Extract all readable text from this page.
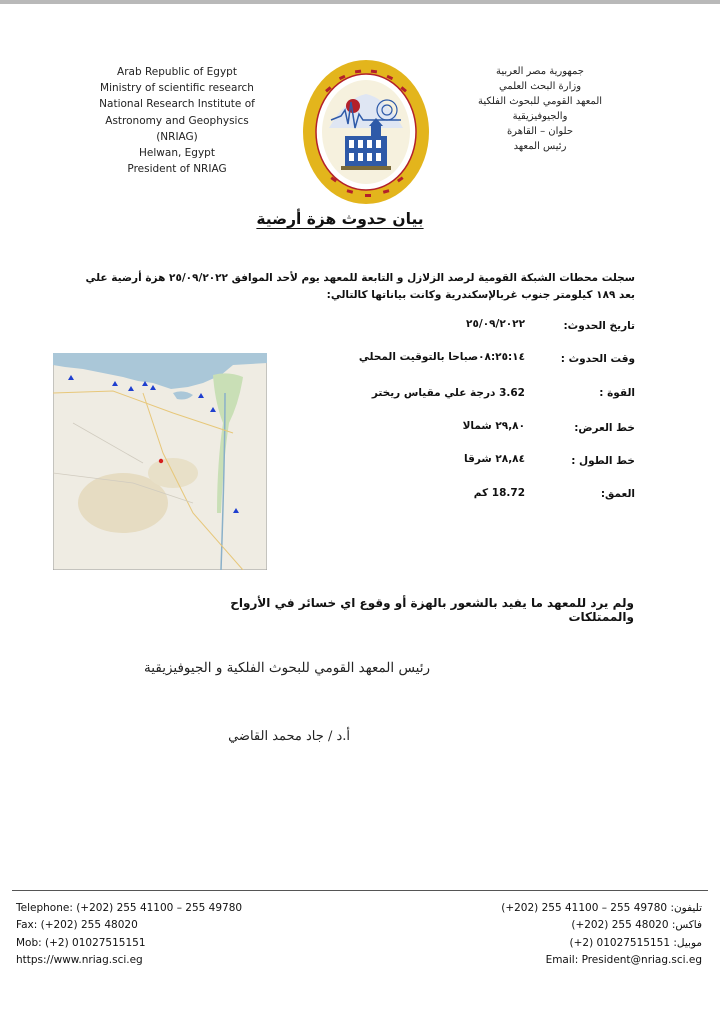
Arab Republic of Egypt
Ministry of scientific research
National Research Institute of
Astronomy and Geophysics
(NRIAG)
Helwan, Egypt
President of NRIAG
جمهورية مصر العربية
وزارة البحث العلمي
المعهد القومي للبحوث الفلكية
والجيوفيزيقية
حلوان – القاهرة
رئيس المعهد
بيان حدوث هزة أرضية
سجلت محطات الشبكة القومية لرصد الزلازل و التابعة للمعهد يوم لأحد الموافق ٢٥/٠٩/٢٠٢٢ هزة أرضية علي بعد ١٨٩ كيلومتر جنوب غربالإسكندرية وكانت بياناتها كالتالي:
تاريخ الحدوث:
٢٥/٠٩/٢٠٢٢
وقت الحدوث :
٠٨:٢٥:١٤صباحا بالتوقيت المحلي
القوة :
3.62 درجة علي مقياس ريختر
خط العرض:
٢٩,٨٠ شمالا
خط الطول :
٢٨,٨٤ شرقا
العمق:
18.72 كم
ولم يرد للمعهد ما يفيد بالشعور بالهزة أو وقوع اي خسائر في الأرواح والممتلكات
رئيس المعهد القومي للبحوث الفلكية و الجيوفيزيقية
أ.د / جاد محمد القاضي
Telephone: (+202) 255 41100 – 255 49780
Fax: (+202) 255 48020
Mob: (+2) 01027515151
https://www.nriag.sci.eg
تليفون: (+202) 255 41100 – 255 49780
فاكس: (+202) 255 48020
موبيل: (+2) 01027515151
Email: President@nriag.sci.eg
